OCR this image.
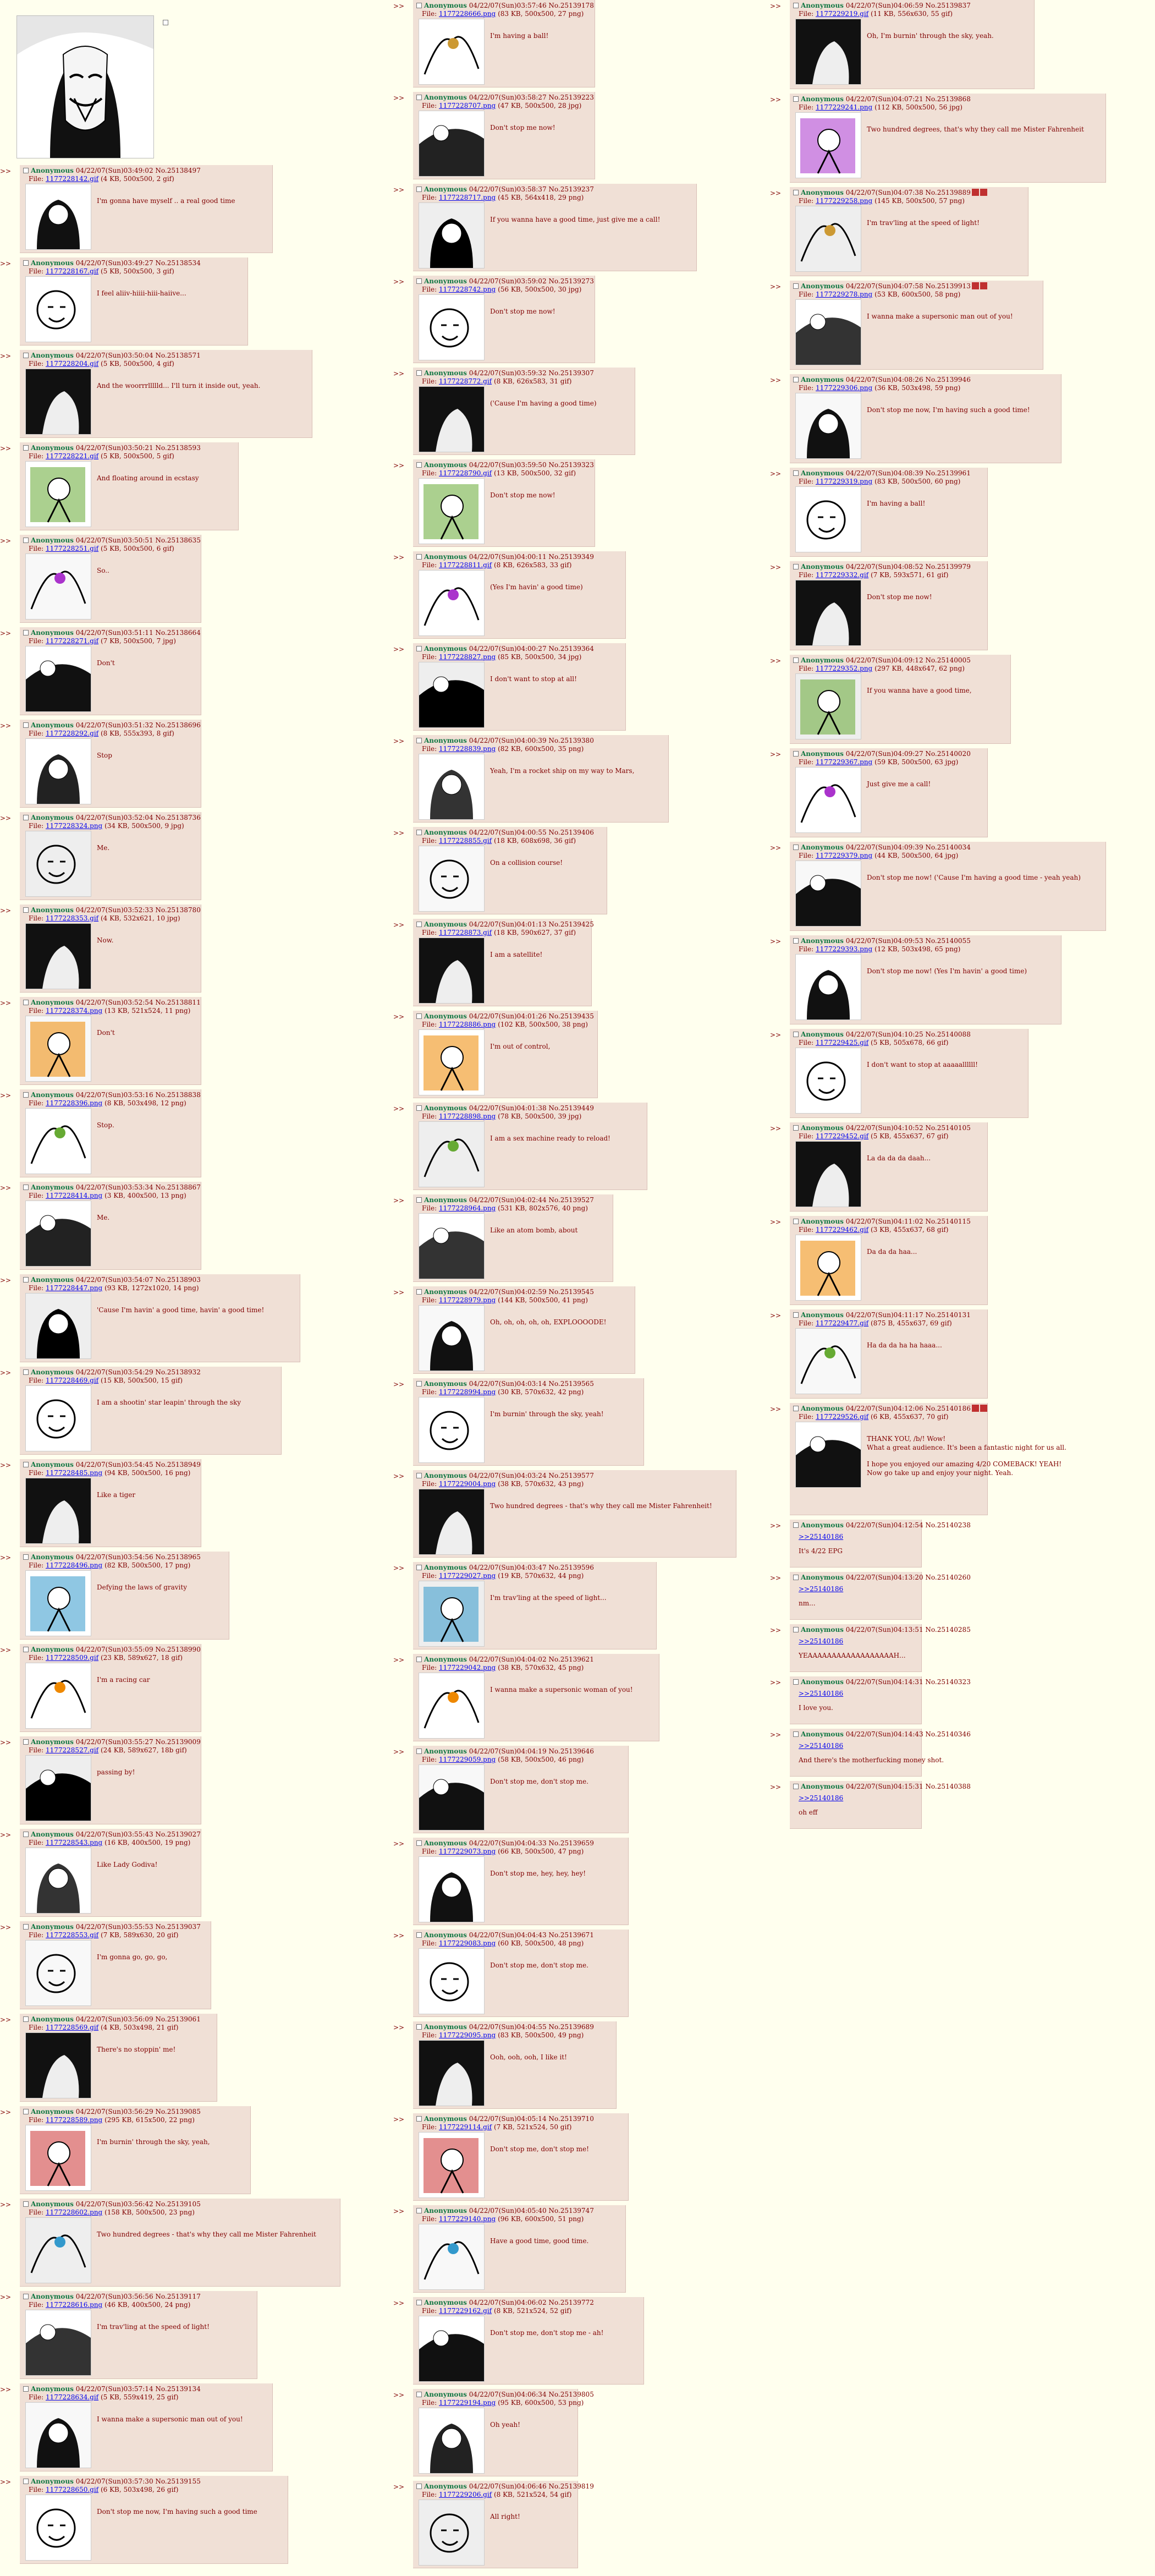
>>	Anonymous 04/22/07(Sun)03:49:02 No.25138497
File: 1177228142.gif (4 KB, 500x500, 2 gif)
I'm gonna have myself .. a real good time
>>	Anonymous 04/22/07(Sun)03:49:27 No.25138534
File: 1177228167.gif (5 KB, 500x500, 3 gif)
I feel aliiv-hiiii-hiii-haiive...
>>	Anonymous 04/22/07(Sun)03:50:04 No.25138571
File: 1177228204.gif (5 KB, 500x500, 4 gif)
And the woorrrllllld... I'll turn it inside out, yeah.
>>	Anonymous 04/22/07(Sun)03:50:21 No.25138593
File: 1177228221.gif (5 KB, 500x500, 5 gif)
And floating around in ecstasy
>>	Anonymous 04/22/07(Sun)03:50:51 No.25138635
File: 1177228251.gif (5 KB, 500x500, 6 gif)
So..
>>	Anonymous 04/22/07(Sun)03:51:11 No.25138664
File: 1177228271.gif (7 KB, 500x500, 7 jpg)
Don't
>>	Anonymous 04/22/07(Sun)03:51:32 No.25138696
File: 1177228292.gif (8 KB, 555x393, 8 gif)
Stop
>>	Anonymous 04/22/07(Sun)03:52:04 No.25138736
File: 1177228324.png (34 KB, 500x500, 9 jpg)
Me.
>>	Anonymous 04/22/07(Sun)03:52:33 No.25138780
File: 1177228353.gif (4 KB, 532x621, 10 jpg)
Now.
>>	Anonymous 04/22/07(Sun)03:52:54 No.25138811
File: 1177228374.png (13 KB, 521x524, 11 png)
Don't
>>	Anonymous 04/22/07(Sun)03:53:16 No.25138838
File: 1177228396.png (8 KB, 503x498, 12 png)
Stop.
>>	Anonymous 04/22/07(Sun)03:53:34 No.25138867
File: 1177228414.png (3 KB, 400x500, 13 png)
Me.
>>	Anonymous 04/22/07(Sun)03:54:07 No.25138903
File: 1177228447.png (93 KB, 1272x1020, 14 png)
'Cause I'm havin' a good time, havin' a good time!
>>	Anonymous 04/22/07(Sun)03:54:29 No.25138932
File: 1177228469.gif (15 KB, 500x500, 15 gif)
I am a shootin' star leapin' through the sky
>>	Anonymous 04/22/07(Sun)03:54:45 No.25138949
File: 1177228485.png (94 KB, 500x500, 16 png)
Like a tiger
>>	Anonymous 04/22/07(Sun)03:54:56 No.25138965
File: 1177228496.png (82 KB, 500x500, 17 png)
Defying the laws of gravity
>>	Anonymous 04/22/07(Sun)03:55:09 No.25138990
File: 1177228509.gif (23 KB, 589x627, 18 gif)
I'm a racing car
>>	Anonymous 04/22/07(Sun)03:55:27 No.25139009
File: 1177228527.gif (24 KB, 589x627, 18b gif)
passing by!
>>	Anonymous 04/22/07(Sun)03:55:43 No.25139027
File: 1177228543.png (16 KB, 400x500, 19 png)
Like Lady Godiva!
>>	Anonymous 04/22/07(Sun)03:55:53 No.25139037
File: 1177228553.gif (7 KB, 589x630, 20 gif)
I'm gonna go, go, go,
>>	Anonymous 04/22/07(Sun)03:56:09 No.25139061
File: 1177228569.gif (4 KB, 503x498, 21 gif)
There's no stoppin' me!
>>	Anonymous 04/22/07(Sun)03:56:29 No.25139085
File: 1177228589.png (295 KB, 615x500, 22 png)
I'm burnin' through the sky, yeah,
>>	Anonymous 04/22/07(Sun)03:56:42 No.25139105
File: 1177228602.png (158 KB, 500x500, 23 png)
Two hundred degrees - that's why they call me Mister Fahrenheit
>>	Anonymous 04/22/07(Sun)03:56:56 No.25139117
File: 1177228616.png (46 KB, 400x500, 24 png)
I'm trav'ling at the speed of light!
>>	Anonymous 04/22/07(Sun)03:57:14 No.25139134
File: 1177228634.gif (5 KB, 559x419, 25 gif)
I wanna make a supersonic man out of you!
>>	Anonymous 04/22/07(Sun)03:57:30 No.25139155
File: 1177228650.gif (6 KB, 503x498, 26 gif)
Don't stop me now, I'm having such a good time
>>	Anonymous 04/22/07(Sun)03:57:46 No.25139178
File: 1177228666.png (83 KB, 500x500, 27 png)
I'm having a ball!
>>	Anonymous 04/22/07(Sun)03:58:27 No.25139223
File: 1177228707.png (47 KB, 500x500, 28 jpg)
Don't stop me now!
>>	Anonymous 04/22/07(Sun)03:58:37 No.25139237
File: 1177228717.png (45 KB, 564x418, 29 png)
If you wanna have a good time, just give me a call!
>>	Anonymous 04/22/07(Sun)03:59:02 No.25139273
File: 1177228742.png (56 KB, 500x500, 30 jpg)
Don't stop me now!
>>	Anonymous 04/22/07(Sun)03:59:32 No.25139307
File: 1177228772.gif (8 KB, 626x583, 31 gif)
('Cause I'm having a good time)
>>	Anonymous 04/22/07(Sun)03:59:50 No.25139323
File: 1177228790.gif (13 KB, 500x500, 32 gif)
Don't stop me now!
>>	Anonymous 04/22/07(Sun)04:00:11 No.25139349
File: 1177228811.gif (8 KB, 626x583, 33 gif)
(Yes I'm havin' a good time)
>>	Anonymous 04/22/07(Sun)04:00:27 No.25139364
File: 1177228827.png (85 KB, 500x500, 34 jpg)
I don't want to stop at all!
>>	Anonymous 04/22/07(Sun)04:00:39 No.25139380
File: 1177228839.png (82 KB, 600x500, 35 png)
Yeah, I'm a rocket ship on my way to Mars,
>>	Anonymous 04/22/07(Sun)04:00:55 No.25139406
File: 1177228855.gif (18 KB, 608x698, 36 gif)
On a collision course!
>>	Anonymous 04/22/07(Sun)04:01:13 No.25139425
File: 1177228873.gif (18 KB, 590x627, 37 gif)
I am a satellite!
>>	Anonymous 04/22/07(Sun)04:01:26 No.25139435
File: 1177228886.png (102 KB, 500x500, 38 png)
I'm out of control,
>>	Anonymous 04/22/07(Sun)04:01:38 No.25139449
File: 1177228898.png (78 KB, 500x500, 39 jpg)
I am a sex machine ready to reload!
>>	Anonymous 04/22/07(Sun)04:02:44 No.25139527
File: 1177228964.png (531 KB, 802x576, 40 png)
Like an atom bomb, about
>>	Anonymous 04/22/07(Sun)04:02:59 No.25139545
File: 1177228979.png (144 KB, 500x500, 41 png)
Oh, oh, oh, oh, oh, EXPLOOOODE!
>>	Anonymous 04/22/07(Sun)04:03:14 No.25139565
File: 1177228994.png (30 KB, 570x632, 42 png)
I'm burnin' through the sky, yeah!
>>	Anonymous 04/22/07(Sun)04:03:24 No.25139577
File: 1177229004.png (38 KB, 570x632, 43 png)
Two hundred degrees - that's why they call me Mister Fahrenheit!
>>	Anonymous 04/22/07(Sun)04:03:47 No.25139596
File: 1177229027.png (19 KB, 570x632, 44 png)
I'm trav'ling at the speed of light...
>>	Anonymous 04/22/07(Sun)04:04:02 No.25139621
File: 1177229042.png (38 KB, 570x632, 45 png)
I wanna make a supersonic woman of you!
>>	Anonymous 04/22/07(Sun)04:04:19 No.25139646
File: 1177229059.png (58 KB, 500x500, 46 png)
Don't stop me, don't stop me.
>>	Anonymous 04/22/07(Sun)04:04:33 No.25139659
File: 1177229073.png (66 KB, 500x500, 47 png)
Don't stop me, hey, hey, hey!
>>	Anonymous 04/22/07(Sun)04:04:43 No.25139671
File: 1177229083.png (60 KB, 500x500, 48 png)
Don't stop me, don't stop me.
>>	Anonymous 04/22/07(Sun)04:04:55 No.25139689
File: 1177229095.png (83 KB, 500x500, 49 png)
Ooh, ooh, ooh, I like it!
>>	Anonymous 04/22/07(Sun)04:05:14 No.25139710
File: 1177229114.gif (7 KB, 521x524, 50 gif)
Don't stop me, don't stop me!
>>	Anonymous 04/22/07(Sun)04:05:40 No.25139747
File: 1177229140.png (96 KB, 600x500, 51 png)
Have a good time, good time.
>>	Anonymous 04/22/07(Sun)04:06:02 No.25139772
File: 1177229162.gif (8 KB, 521x524, 52 gif)
Don't stop me, don't stop me - ah!
>>	Anonymous 04/22/07(Sun)04:06:34 No.25139805
File: 1177229194.png (95 KB, 600x500, 53 png)
Oh yeah!
>>	Anonymous 04/22/07(Sun)04:06:46 No.25139819
File: 1177229206.gif (8 KB, 521x524, 54 gif)
All right!
>>	Anonymous 04/22/07(Sun)04:06:59 No.25139837
File: 1177229219.gif (11 KB, 556x630, 55 gif)
Oh, I'm burnin' through the sky, yeah.
>>	Anonymous 04/22/07(Sun)04:07:21 No.25139868
File: 1177229241.png (112 KB, 500x500, 56 jpg)
Two hundred degrees, that's why they call me Mister Fahrenheit
>>	Anonymous 04/22/07(Sun)04:07:38 No.25139889
File: 1177229258.png (145 KB, 500x500, 57 png)
I'm trav'ling at the speed of light!
>>	Anonymous 04/22/07(Sun)04:07:58 No.25139913
File: 1177229278.png (53 KB, 600x500, 58 png)
I wanna make a supersonic man out of you!
>>	Anonymous 04/22/07(Sun)04:08:26 No.25139946
File: 1177229306.png (36 KB, 503x498, 59 png)
Don't stop me now, I'm having such a good time!
>>	Anonymous 04/22/07(Sun)04:08:39 No.25139961
File: 1177229319.png (83 KB, 500x500, 60 png)
I'm having a ball!
>>	Anonymous 04/22/07(Sun)04:08:52 No.25139979
File: 1177229332.gif (7 KB, 593x571, 61 gif)
Don't stop me now!
>>	Anonymous 04/22/07(Sun)04:09:12 No.25140005
File: 1177229352.png (297 KB, 448x647, 62 png)
If you wanna have a good time,
>>	Anonymous 04/22/07(Sun)04:09:27 No.25140020
File: 1177229367.png (59 KB, 500x500, 63 jpg)
Just give me a call!
>>	Anonymous 04/22/07(Sun)04:09:39 No.25140034
File: 1177229379.png (44 KB, 500x500, 64 jpg)
Don't stop me now! ('Cause I'm having a good time - yeah yeah)
>>	Anonymous 04/22/07(Sun)04:09:53 No.25140055
File: 1177229393.png (12 KB, 503x498, 65 png)
Don't stop me now! (Yes I'm havin' a good time)
>>	Anonymous 04/22/07(Sun)04:10:25 No.25140088
File: 1177229425.gif (5 KB, 505x678, 66 gif)
I don't want to stop at aaaaallllll!
>>	Anonymous 04/22/07(Sun)04:10:52 No.25140105
File: 1177229452.gif (5 KB, 455x637, 67 gif)
La da da da daah...
>>	Anonymous 04/22/07(Sun)04:11:02 No.25140115
File: 1177229462.gif (3 KB, 455x637, 68 gif)
Da da da haa...
>>	Anonymous 04/22/07(Sun)04:11:17 No.25140131
File: 1177229477.gif (875 B, 455x637, 69 gif)
Ha da da ha ha haaa...
>>	Anonymous 04/22/07(Sun)04:12:06 No.25140186
File: 1177229526.gif (6 KB, 455x637, 70 gif)
THANK YOU, /b/! Wow!
What a great audience. It's been a fantastic night for us all.
I hope you enjoyed our amazing 4/20 COMEBACK! YEAH!
Now go take up and enjoy your night. Yeah.
>>	Anonymous 04/22/07(Sun)04:12:54 No.25140238
>>25140186
It's 4/22 EPG
>>	Anonymous 04/22/07(Sun)04:13:20 No.25140260
>>25140186
nm...
>>	Anonymous 04/22/07(Sun)04:13:51 No.25140285
>>25140186
YEAAAAAAAAAAAAAAAAAAH...
>>	Anonymous 04/22/07(Sun)04:14:31 No.25140323
>>25140186
I love you.
>>	Anonymous 04/22/07(Sun)04:14:43 No.25140346
>>25140186
And there's the motherfucking money shot.
>>	Anonymous 04/22/07(Sun)04:15:31 No.25140388
>>25140186
oh eff
